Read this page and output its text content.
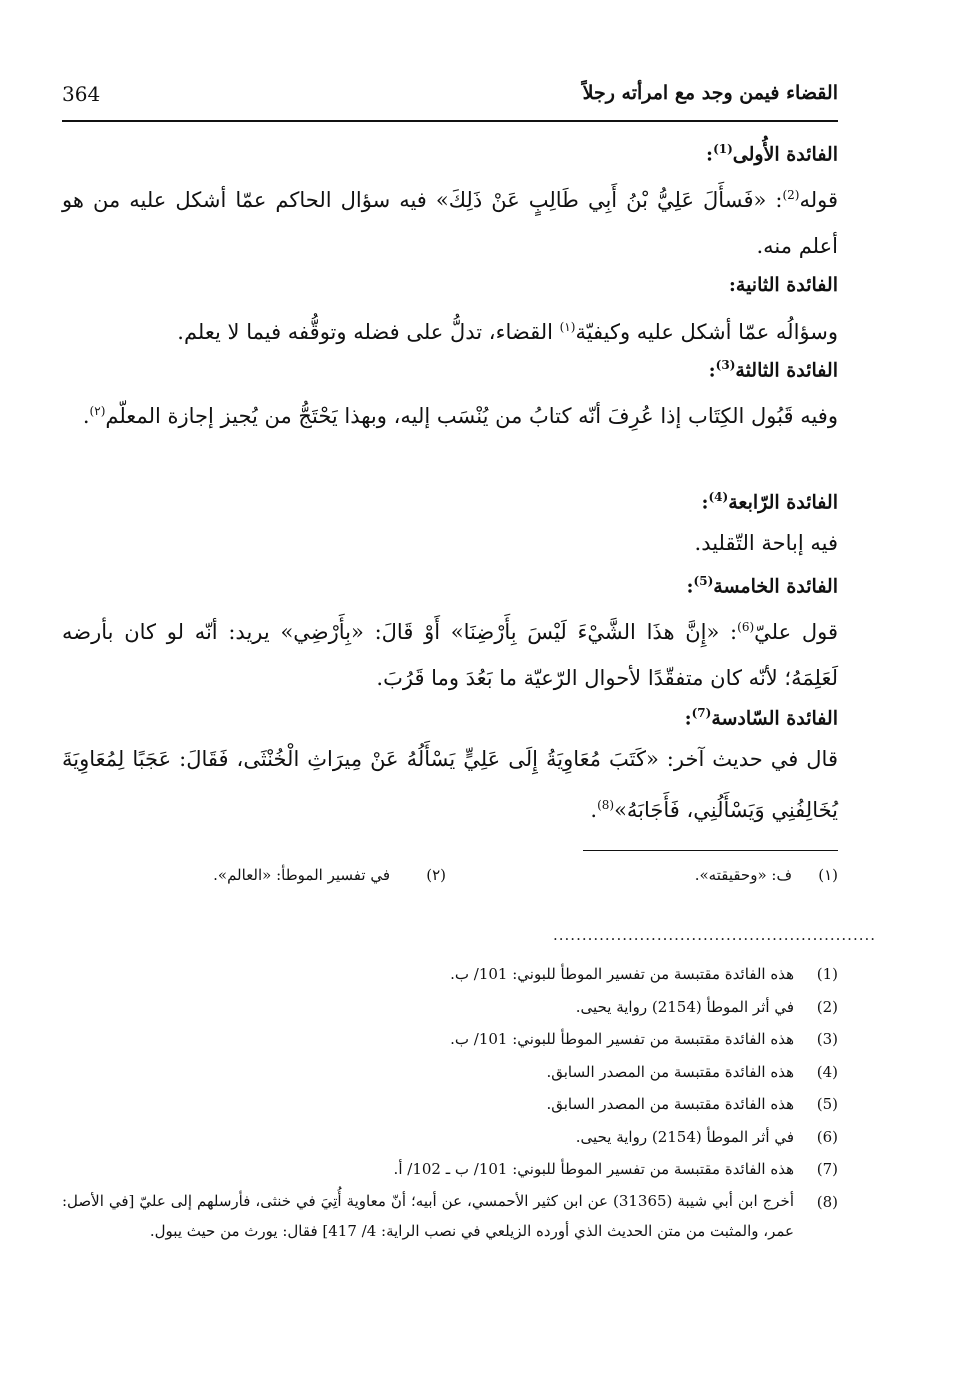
القضاء فيمن وجد مع امرأته رجلاً
364
الفائدة الأُولى$^{(1)}$:
قوله$^{(2)}$: «فَسأَلَ عَلِيُّ بْنُ أَبِي طَالِبٍ عَنْ ذَلِكَ» فيه سؤال الحاكم عمّا أشكل عليه من هو أعلم منه.
الفائدة الثانية:
وسؤالُه عمّا أشكل عليه وكيفيّة$^{(١)}$ القضاء، تدلُّ على فضله وتوقُّفه فيما لا يعلم.
الفائدة الثالثة$^{(3)}$:
وفيه قَبُول الكِتَاب إذا عُرِفَ أنّه كتابُ من يُنْسَب إليه، وبهذا يَحْتَجُّ من يُجيز إجازة المعلّم$^{(٢)}$.
الفائدة الرّابعة$^{(4)}$:
فيه إباحة التّقليد.
الفائدة الخامسة$^{(5)}$:
قول عليّ$^{(6)}$: «إِنَّ هذَا الشَّيْءَ لَيْسَ بِأَرْضِنَا» أَوْ قَالَ: «بِأَرْضِي» يريد: أنّه لو كان بأرضه لَعَلِمَهُ؛ لأنّه كان متفقّدًا لأحوال الرّعيّة ما بَعُدَ وما قَرُبَ.
الفائدة السّادسة$^{(7)}$:
قال في حديث آخر: «كَتَبَ مُعَاوِيَةُ إِلَى عَلِيٍّ يَسْأَلُهُ عَنْ مِيرَاثِ الْخُنْثَى، فَقَالَ: عَجَبًا لِمُعَاوِيَةَ يُخَالِفُنِي وَيَسْأَلُنِي، فَأَجَابَهُ»$^{(8)}$.
(١)
ف: «وحقيقته».
(٢)
في تفسير الموطأ: «العالم».
........................................................
(1)
هذه الفائدة مقتبسة من تفسير الموطأ للبوني: 101/ ب.
(2)
في أثر الموطأ (2154) رواية يحيى.
(3)
هذه الفائدة مقتبسة من تفسير الموطأ للبوني: 101/ ب.
(4)
هذه الفائدة مقتبسة من المصدر السابق.
(5)
هذه الفائدة مقتبسة من المصدر السابق.
(6)
في أثر الموطأ (2154) رواية يحيى.
(7)
هذه الفائدة مقتبسة من تفسير الموطأ للبوني: 101/ ب ـ 102/ أ.
(8)
أخرج ابن أبي شيبة (31365) عن ابن كثير الأحمسي، عن أبيه؛ أنّ معاوية أُتِيَ في خنثى، فأرسلهم إلى عليّ [في الأصل: عمر، والمثبت من متن الحديث الذي أورده الزيلعي في نصب الراية: 4/ 417] فقال: يورث من حيث يبول.
